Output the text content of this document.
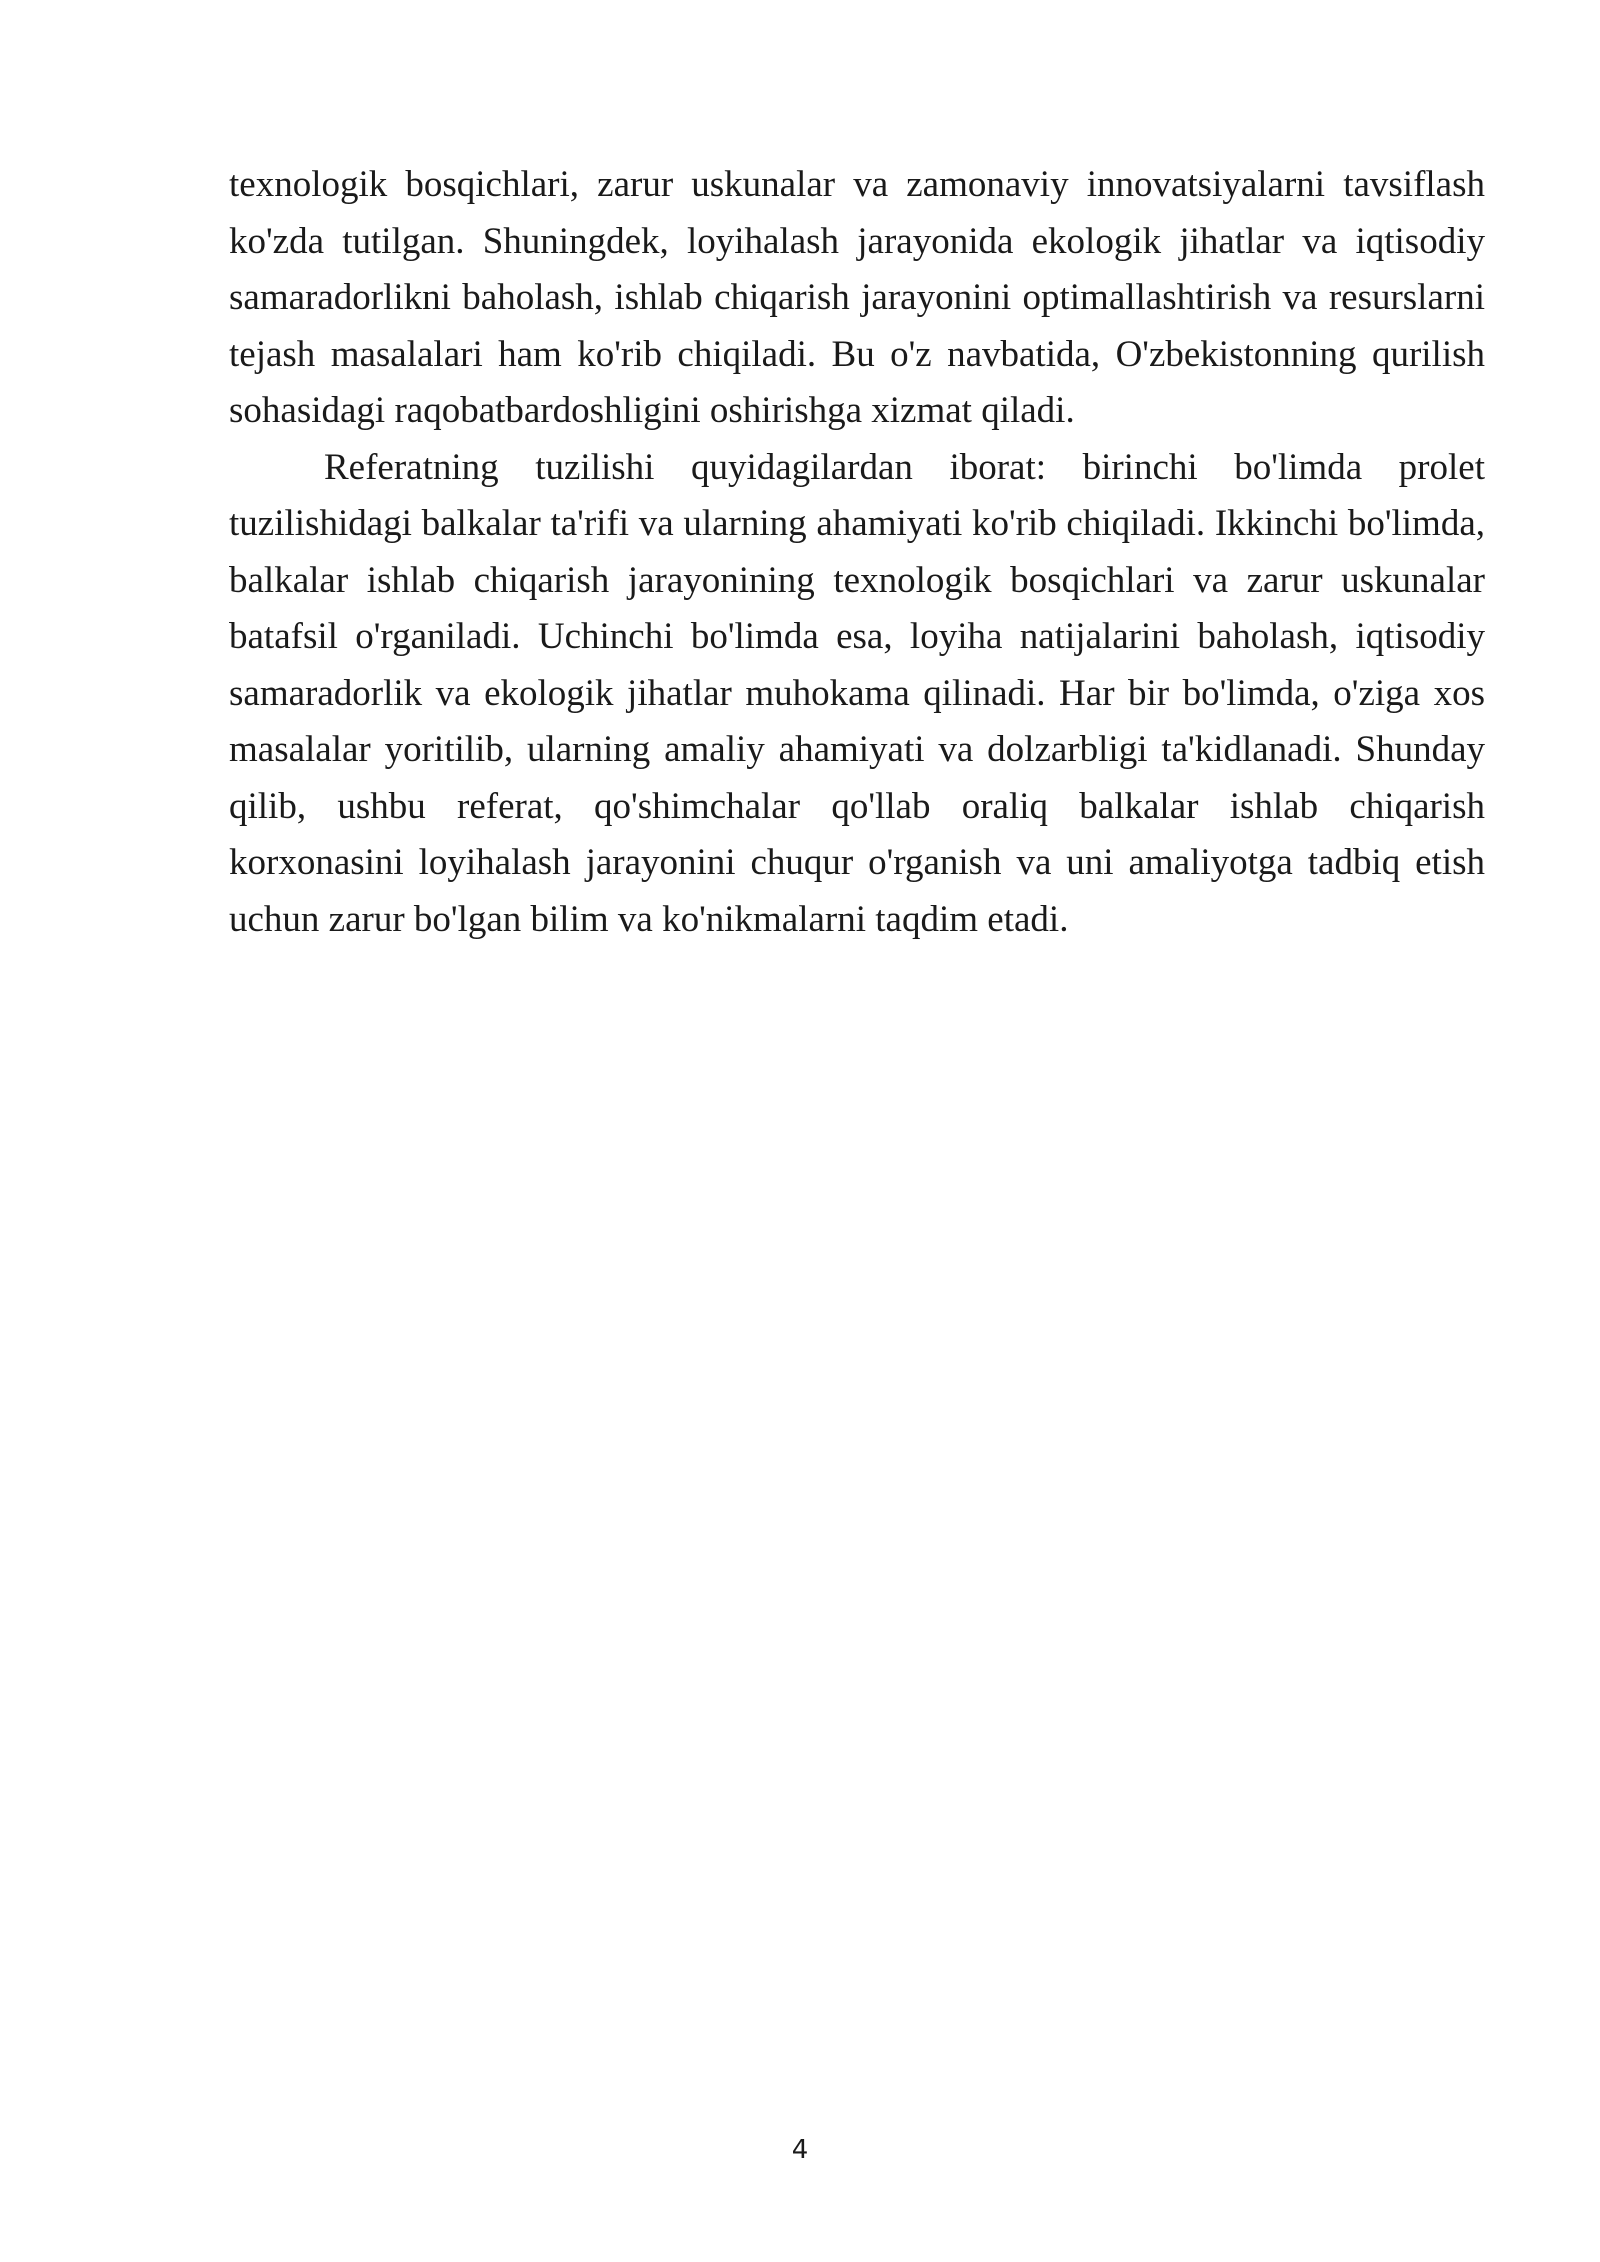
texnologik bosqichlari, zarur uskunalar va zamonaviy innovatsiyalarni tavsiflash ko'zda tutilgan. Shuningdek, loyihalash jarayonida ekologik jihatlar va iqtisodiy samaradorlikni baholash, ishlab chiqarish jarayonini optimallashtirish va resurslarni tejash masalalari ham ko'rib chiqiladi. Bu o'z navbatida, O'zbekistonning qurilish sohasidagi raqobatbardoshligini oshirishga xizmat qiladi.

Referatning tuzilishi quyidagilardan iborat: birinchi bo'limda prolet tuzilishidagi balkalar ta'rifi va ularning ahamiyati ko'rib chiqiladi. Ikkinchi bo'limda, balkalar ishlab chiqarish jarayonining texnologik bosqichlari va zarur uskunalar batafsil o'rganiladi. Uchinchi bo'limda esa, loyiha natijalarini baholash, iqtisodiy samaradorlik va ekologik jihatlar muhokama qilinadi. Har bir bo'limda, o'ziga xos masalalar yoritilib, ularning amaliy ahamiyati va dolzarbligi ta'kidlanadi. Shunday qilib, ushbu referat, qo'shimchalar qo'llab oraliq balkalar ishlab chiqarish korxonasini loyihalash jarayonini chuqur o'rganish va uni amaliyotga tadbiq etish uchun zarur bo'lgan bilim va ko'nikmalarni taqdim etadi.

4
